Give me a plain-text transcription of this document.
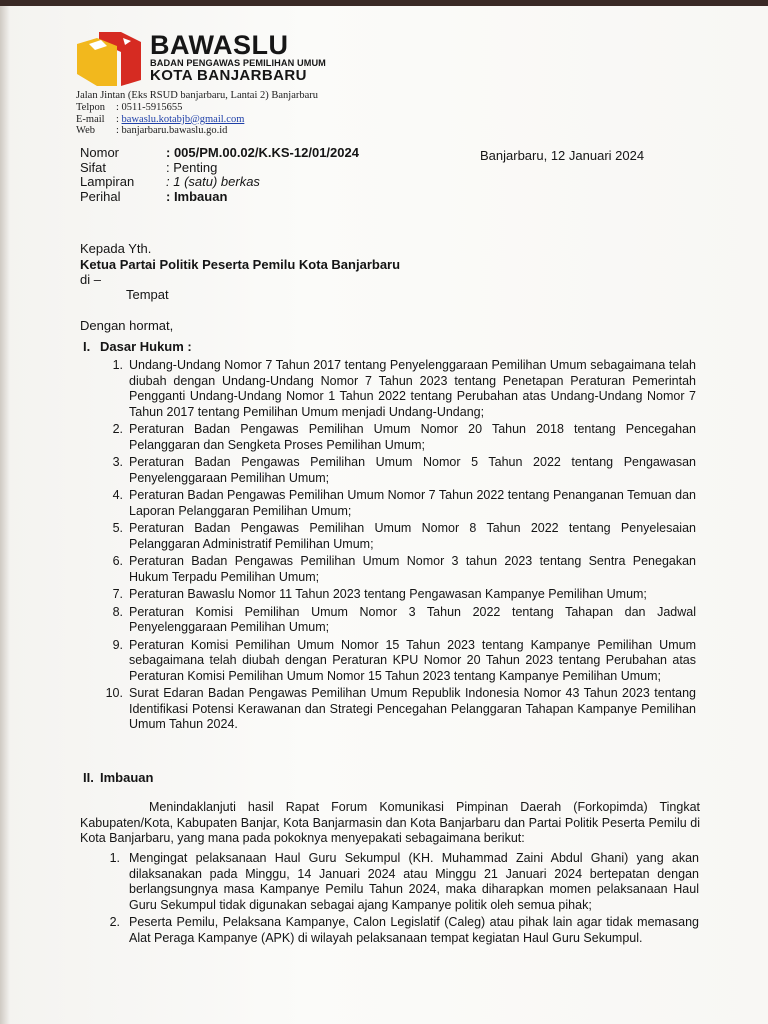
BAWASLU
BADAN PENGAWAS PEMILIHAN UMUM
KOTA BANJARBARU
Jalan Jintan (Eks RSUD banjarbaru, Lantai 2) Banjarbaru
Telpon : 0511-5915655
E-mail : bawaslu.kotabjb@gmail.com
Web : banjarbaru.bawaslu.go.id
Nomor	: 005/PM.00.02/K.KS-12/01/2024
Sifat	: Penting
Lampiran : 1 (satu) berkas
Perihal	: Imbauan
Banjarbaru, 12 Januari 2024
Kepada Yth.
Ketua Partai Politik Peserta Pemilu Kota Banjarbaru
di –
Tempat
Dengan hormat,
I. Dasar Hukum :
1. Undang-Undang Nomor 7 Tahun 2017 tentang Penyelenggaraan Pemilihan Umum sebagaimana telah diubah dengan Undang-Undang Nomor 7 Tahun 2023 tentang Penetapan Peraturan Pemerintah Pengganti Undang-Undang Nomor 1 Tahun 2022 tentang Perubahan atas Undang-Undang Nomor 7 Tahun 2017 tentang Pemilihan Umum menjadi Undang-Undang;
2. Peraturan Badan Pengawas Pemilihan Umum Nomor 20 Tahun 2018 tentang Pencegahan Pelanggaran dan Sengketa Proses Pemilihan Umum;
3. Peraturan Badan Pengawas Pemilihan Umum Nomor 5 Tahun 2022 tentang Pengawasan Penyelenggaraan Pemilihan Umum;
4. Peraturan Badan Pengawas Pemilihan Umum Nomor 7 Tahun 2022 tentang Penanganan Temuan dan Laporan Pelanggaran Pemilihan Umum;
5. Peraturan Badan Pengawas Pemilihan Umum Nomor 8 Tahun 2022 tentang Penyelesaian Pelanggaran Administratif Pemilihan Umum;
6. Peraturan Badan Pengawas Pemilihan Umum Nomor 3 tahun 2023 tentang Sentra Penegakan Hukum Terpadu Pemilihan Umum;
7. Peraturan Bawaslu Nomor 11 Tahun 2023 tentang Pengawasan Kampanye Pemilihan Umum;
8. Peraturan Komisi Pemilihan Umum Nomor 3 Tahun 2022 tentang Tahapan dan Jadwal Penyelenggaraan Pemilihan Umum;
9. Peraturan Komisi Pemilihan Umum Nomor 15 Tahun 2023 tentang Kampanye Pemilihan Umum sebagaimana telah diubah dengan Peraturan KPU Nomor 20 Tahun 2023 tentang Perubahan atas Peraturan Komisi Pemilihan Umum Nomor 15 Tahun 2023 tentang Kampanye Pemilihan Umum;
10. Surat Edaran Badan Pengawas Pemilihan Umum Republik Indonesia Nomor 43 Tahun 2023 tentang Identifikasi Potensi Kerawanan dan Strategi Pencegahan Pelanggaran Tahapan Kampanye Pemilihan Umum Tahun 2024.
II. Imbauan
Menindaklanjuti hasil Rapat Forum Komunikasi Pimpinan Daerah (Forkopimda) Tingkat Kabupaten/Kota, Kabupaten Banjar, Kota Banjarmasin dan Kota Banjarbaru dan Partai Politik Peserta Pemilu di Kota Banjarbaru, yang mana pada pokoknya menyepakati sebagaimana berikut:
1. Mengingat pelaksanaan Haul Guru Sekumpul (KH. Muhammad Zaini Abdul Ghani) yang akan dilaksanakan pada Minggu, 14 Januari 2024 atau Minggu 21 Januari 2024 bertepatan dengan berlangsungnya masa Kampanye Pemilu Tahun 2024, maka diharapkan momen pelaksanaan Haul Guru Sekumpul tidak digunakan sebagai ajang Kampanye politik oleh semua pihak;
2. Peserta Pemilu, Pelaksana Kampanye, Calon Legislatif (Caleg) atau pihak lain agar tidak memasang Alat Peraga Kampanye (APK) di wilayah pelaksanaan tempat kegiatan Haul Guru Sekumpul.
